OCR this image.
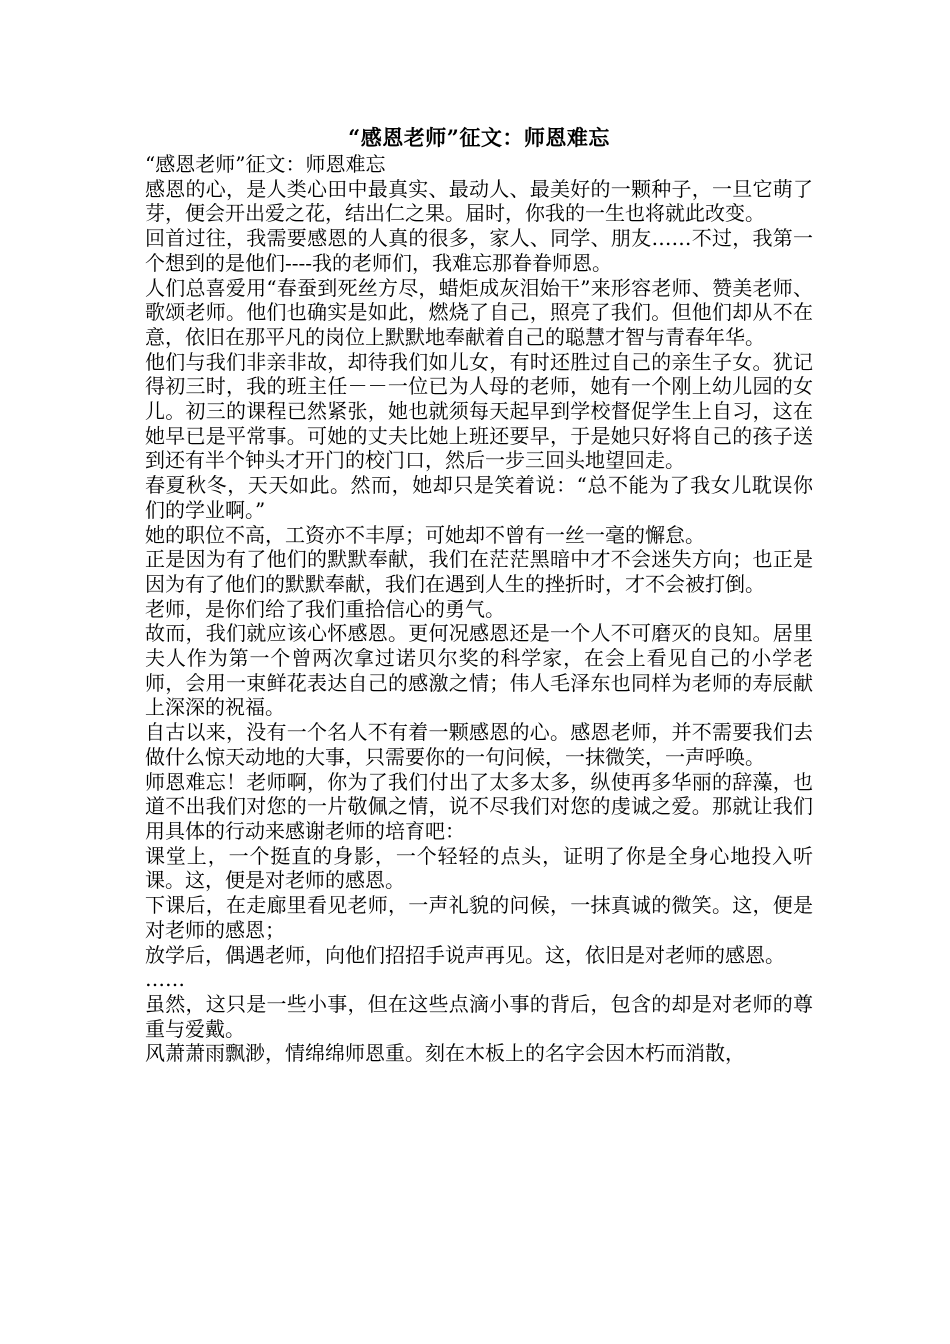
“感恩老师”征文：师恩难忘
“感恩老师”征文：师恩难忘
感恩的心，是人类心田中最真实、最动人、最美好的一颗种子，一旦它萌了芽，便会开出爱之花，结出仁之果。届时，你我的一生也将就此改变。
回首过往，我需要感恩的人真的很多，家人、同学、朋友……不过，我第一个想到的是他们----我的老师们，我难忘那眷眷师恩。
人们总喜爱用“春蚕到死丝方尽，蜡炬成灰泪始干”来形容老师、赞美老师、歌颂老师。他们也确实是如此，燃烧了自己，照亮了我们。但他们却从不在意，依旧在那平凡的岗位上默默地奉献着自己的聪慧才智与青春年华。
他们与我们非亲非故，却待我们如儿女，有时还胜过自己的亲生子女。犹记得初三时，我的班主任－－一位已为人母的老师，她有一个刚上幼儿园的女儿。初三的课程已然紧张，她也就须每天起早到学校督促学生上自习，这在她早已是平常事。可她的丈夫比她上班还要早，于是她只好将自己的孩子送到还有半个钟头才开门的校门口，然后一步三回头地望回走。
春夏秋冬，天天如此。然而，她却只是笑着说：“总不能为了我女儿耽误你们的学业啊。”
她的职位不高，工资亦不丰厚；可她却不曾有一丝一毫的懈怠。
正是因为有了他们的默默奉献，我们在茫茫黑暗中才不会迷失方向；也正是因为有了他们的默默奉献，我们在遇到人生的挫折时，才不会被打倒。
老师，是你们给了我们重拾信心的勇气。
故而，我们就应该心怀感恩。更何况感恩还是一个人不可磨灭的良知。居里夫人作为第一个曾两次拿过诺贝尔奖的科学家，在会上看见自己的小学老师，会用一束鲜花表达自己的感激之情；伟人毛泽东也同样为老师的寿辰献上深深的祝福。
自古以来，没有一个名人不有着一颗感恩的心。感恩老师，并不需要我们去做什么惊天动地的大事，只需要你的一句问候，一抹微笑，一声呼唤。
师恩难忘！老师啊，你为了我们付出了太多太多，纵使再多华丽的辞藻，也道不出我们对您的一片敬佩之情，说不尽我们对您的虔诚之爱。那就让我们用具体的行动来感谢老师的培育吧：
课堂上，一个挺直的身影，一个轻轻的点头，证明了你是全身心地投入听课。这，便是对老师的感恩。
下课后，在走廊里看见老师，一声礼貌的问候，一抹真诚的微笑。这，便是对老师的感恩；
放学后，偶遇老师，向他们招招手说声再见。这，依旧是对老师的感恩。
……
虽然，这只是一些小事，但在这些点滴小事的背后，包含的却是对老师的尊重与爱戴。
风萧萧雨飘渺，情绵绵师恩重。刻在木板上的名字会因木朽而消散，
